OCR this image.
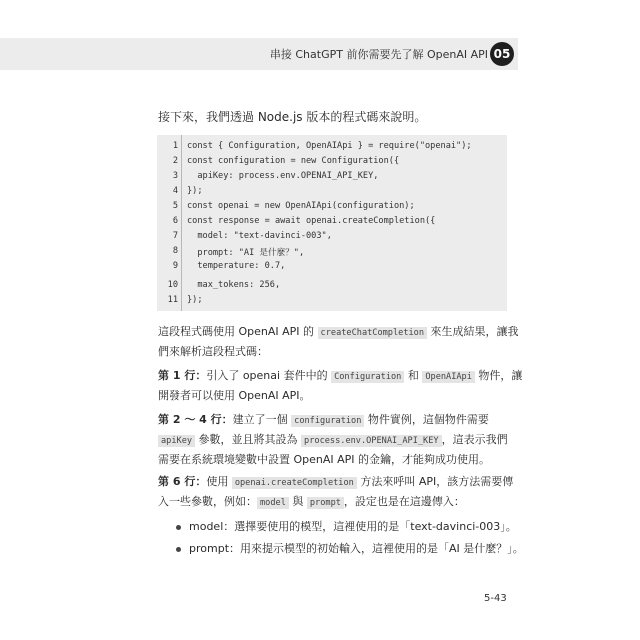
串接 ChatGPT 前你需要先了解 OpenAI API 05
接下來，我們透過 Node.js 版本的程式碼來說明。
1 const { Configuration, OpenAIApi } = require("openai");
2 const configuration = new Configuration({
3 apiKey: process.env.OPENAI_API_KEY,
4 });
5 const openai = new OpenAIApi(configuration);
6 const response = await openai.createCompletion({
7 model: "text-davinci-003",
8 prompt: "AI 是什麼？",
9 temperature: 0.7,
10 max_tokens: 256,
11 });
這段程式碼使用 OpenAI API 的 createChatCompletion 來生成結果，讓我
們來解析這段程式碼：
第 1 行：引入了 openai 套件中的 Configuration 和 OpenAIApi 物件，讓
開發者可以使用 OpenAI API。
第 2 ～ 4 行：建立了一個 configuration 物件實例，這個物件需要
apiKey 參數，並且將其設為 process.env.OPENAI_API_KEY ，這表示我們
需要在系統環境變數中設置 OpenAI API 的金鑰，才能夠成功使用。
第 6 行：使用 openai.createCompletion 方法來呼叫 API，該方法需要傳
入一些參數，例如： model 與 prompt ，設定也是在這邊傳入：
model：選擇要使用的模型，這裡使用的是「text-davinci-003」。
prompt：用來提示模型的初始輸入，這裡使用的是「AI 是什麼？」。
5-43
